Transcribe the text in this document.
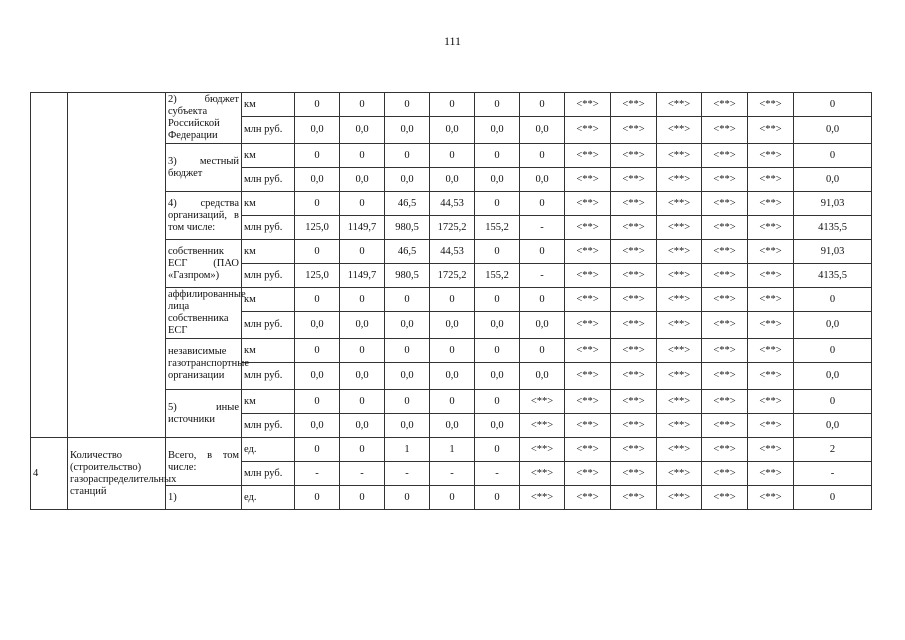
111
		2) бюджет субъекта Российской Федерации	км	0	0	0	0	0	0	<**>	<**>	<**>	<**>	<**>	0
			млн руб.	0,0	0,0	0,0	0,0	0,0	0,0	<**>	<**>	<**>	<**>	<**>	0,0
		3) местный бюджет	км	0	0	0	0	0	0	<**>	<**>	<**>	<**>	<**>	0
			млн руб.	0,0	0,0	0,0	0,0	0,0	0,0	<**>	<**>	<**>	<**>	<**>	0,0
		4) средства организаций, в том числе:	км	0	0	46,5	44,53	0	0	<**>	<**>	<**>	<**>	<**>	91,03
			млн руб.	125,0	1149,7	980,5	1725,2	155,2	-	<**>	<**>	<**>	<**>	<**>	4135,5
		собственник ЕСГ (ПАО «Газпром»)	км	0	0	46,5	44,53	0	0	<**>	<**>	<**>	<**>	<**>	91,03
			млн руб.	125,0	1149,7	980,5	1725,2	155,2	-	<**>	<**>	<**>	<**>	<**>	4135,5
		аффилированные лица собственника ЕСГ	км	0	0	0	0	0	0	<**>	<**>	<**>	<**>	<**>	0
			млн руб.	0,0	0,0	0,0	0,0	0,0	0,0	<**>	<**>	<**>	<**>	<**>	0,0
		независимые газотранспортные организации	км	0	0	0	0	0	0	<**>	<**>	<**>	<**>	<**>	0
			млн руб.	0,0	0,0	0,0	0,0	0,0	0,0	<**>	<**>	<**>	<**>	<**>	0,0
		5) иные источники	км	0	0	0	0	0	<**>	<**>	<**>	<**>	<**>	<**>	0
			млн руб.	0,0	0,0	0,0	0,0	0,0	<**>	<**>	<**>	<**>	<**>	<**>	0,0
4	Количество (строительство) газораспределительных станций	Всего, в том числе:	ед.	0	0	1	1	0	<**>	<**>	<**>	<**>	<**>	<**>	2
			млн руб.	-	-	-	-	-	<**>	<**>	<**>	<**>	<**>	<**>	-
		1)	ед.	0	0	0	0	0	<**>	<**>	<**>	<**>	<**>	<**>	0
